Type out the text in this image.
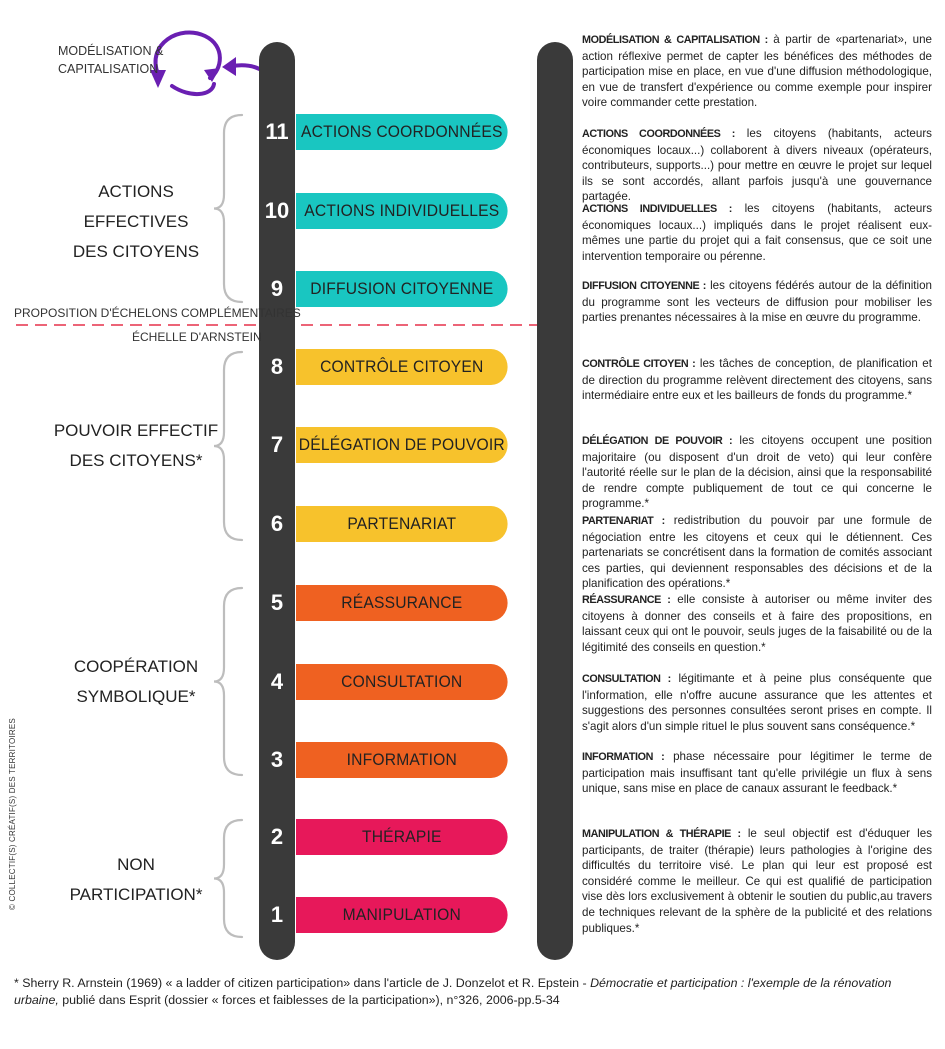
MODÉLISATION &
CAPITALISATION
ACTIONS COORDONNÉES
ACTIONS INDIVIDUELLES
DIFFUSION CITOYENNE
CONTRÔLE CITOYEN
DÉLÉGATION DE POUVOIR
PARTENARIAT
RÉASSURANCE
CONSULTATION
INFORMATION
THÉRAPIE
MANIPULATION
11
10
9
8
7
6
5
4
3
2
1
PROPOSITION D'ÉCHELONS COMPLÉMENTAIRES
ÉCHELLE D'ARNSTEIN
ACTIONS EFFECTIVES
DES CITOYENS
POUVOIR EFFECTIF
DES CITOYENS*
COOPÉRATION
SYMBOLIQUE*
NON
PARTICIPATION*
MODÉLISATION & CAPITALISATION : à partir de «partenariat», une action réflexive permet de capter les bénéfices des méthodes de participation mise en place, en vue d'une diffusion méthodologique, en vue de transfert d'expérience ou comme exemple pour inspirer voire commander cette prestation.
ACTIONS COORDONNÉES : les citoyens (habitants, acteurs économiques locaux...) collaborent à divers niveaux (opérateurs, contributeurs, supports...) pour mettre en œuvre le projet sur lequel ils se sont accordés, allant parfois jusqu'à une gouvernance partagée.
ACTIONS INDIVIDUELLES : les citoyens (habitants, acteurs économiques locaux...) impliqués dans le projet réalisent eux-mêmes une partie du projet qui a fait consensus, que ce soit une intervention temporaire ou pérenne.
DIFFUSION CITOYENNE : les citoyens fédérés autour de la définition du programme sont les vecteurs de diffusion pour mobiliser les parties prenantes nécessaires à la mise en œuvre du programme.
CONTRÔLE CITOYEN : les tâches de conception, de planification et de direction du programme relèvent directement des citoyens, sans intermédiaire entre eux et les bailleurs de fonds du programme.*
DÉLÉGATION DE POUVOIR : les citoyens occupent une position majoritaire (ou disposent d'un droit de veto) qui leur confère l'autorité réelle sur le plan de la décision, ainsi que la responsabilité de rendre compte publiquement de tout ce qui concerne le programme.*
PARTENARIAT : redistribution du pouvoir par une formule de négociation entre les citoyens et ceux qui le détiennent. Ces partenariats se concrétisent dans la formation de comités associant ces parties, qui deviennent responsables des décisions et de la planification des opérations.*
RÉASSURANCE : elle consiste à autoriser ou même inviter des citoyens à donner des conseils et à faire des propositions, en laissant ceux qui ont le pouvoir, seuls juges de la faisabilité ou de la légitimité des conseils en question.*
CONSULTATION : légitimante et à peine plus conséquente que l'information, elle n'offre aucune assurance que les attentes et suggestions des personnes consultées seront prises en compte. Il s'agit alors d'un simple rituel le plus souvent sans conséquence.*
INFORMATION : phase nécessaire pour légitimer le terme de participation mais insuffisant tant qu'elle privilégie un flux à sens unique, sans mise en place de canaux assurant le feedback.*
MANIPULATION & THÉRAPIE : le seul objectif est d'éduquer les participants, de traiter (thérapie) leurs pathologies à l'origine des difficultés du territoire visé. Le plan qui leur est proposé est considéré comme le meilleur. Ce qui est qualifié de participation vise dès lors exclusivement à obtenir le soutien du public,au travers de techniques relevant de la sphère de la publicité et des relations publiques.*
© COLLECTIF(S) CRÉATIF(S) DES TERRITOIRES
* Sherry R. Arnstein (1969) « a ladder of citizen participation» dans l'article de J. Donzelot et R. Epstein - Démocratie et participation : l'exemple de la rénovation urbaine, publié dans Esprit (dossier « forces et faiblesses de la participation»), n°326, 2006-pp.5-34
